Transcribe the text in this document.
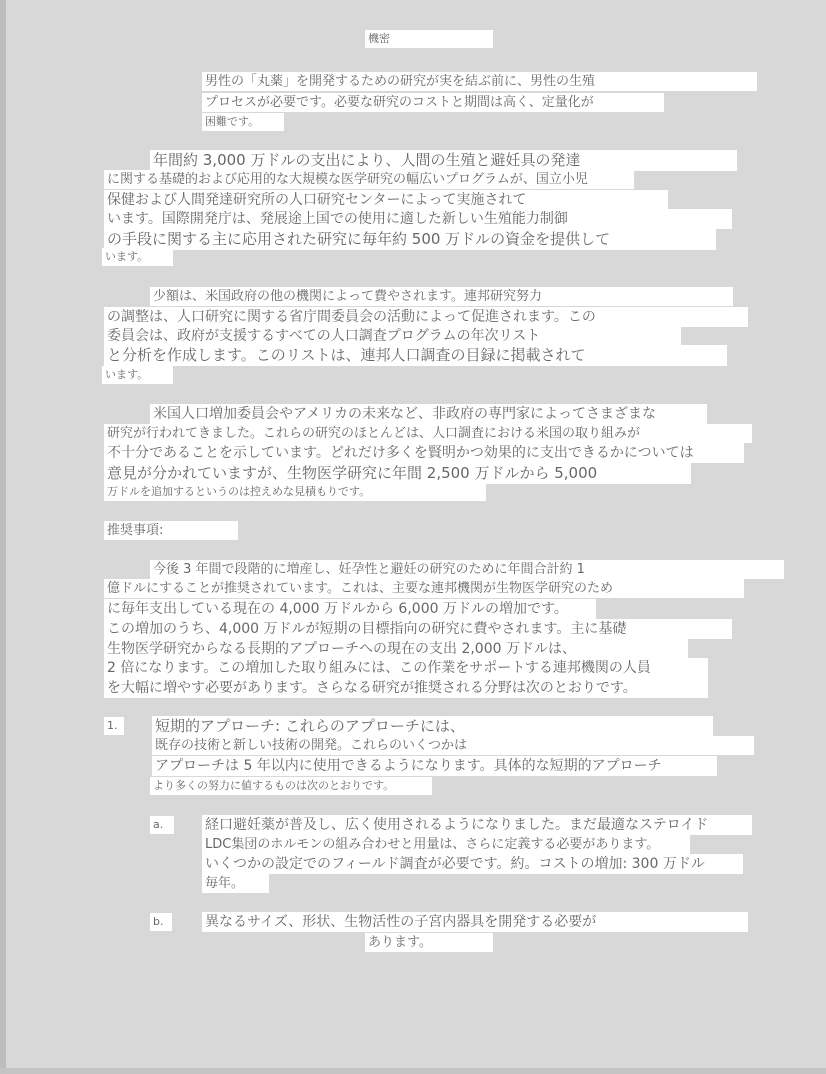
機密
男性の「丸薬」を開発するための研究が実を結ぶ前に、男性の生殖
プロセスが必要です。必要な研究のコストと期間は高く、定量化が
困難です。
年間約 3,000 万ドルの支出により、人間の生殖と避妊具の発達
に関する基礎的および応用的な大規模な医学研究の幅広いプログラムが、国立小児
保健および人間発達研究所の人口研究センターによって実施されて
います。国際開発庁は、発展途上国での使用に適した新しい生殖能力制御
の手段に関する主に応用された研究に毎年約 500 万ドルの資金を提供して
います。
少額は、米国政府の他の機関によって費やされます。連邦研究努力
の調整は、人口研究に関する省庁間委員会の活動によって促進されます。この
委員会は、政府が支援するすべての人口調査プログラムの年次リスト
と分析を作成します。このリストは、連邦人口調査の目録に掲載されて
います。
米国人口増加委員会やアメリカの未来など、非政府の専門家によってさまざまな
研究が行われてきました。これらの研究のほとんどは、人口調査における米国の取り組みが
不十分であることを示しています。どれだけ多くを賢明かつ効果的に支出できるかについては
意見が分かれていますが、生物医学研究に年間 2,500 万ドルから 5,000
万ドルを追加するというのは控えめな見積もりです。
推奨事項:
今後 3 年間で段階的に増産し、妊孕性と避妊の研究のために年間合計約 1
億ドルにすることが推奨されています。これは、主要な連邦機関が生物医学研究のため
に毎年支出している現在の 4,000 万ドルから 6,000 万ドルの増加です。
この増加のうち、4,000 万ドルが短期の目標指向の研究に費やされます。主に基礎
生物医学研究からなる長期的アプローチへの現在の支出 2,000 万ドルは、
2 倍になります。この増加した取り組みには、この作業をサポートする連邦機関の人員
を大幅に増やす必要があります。さらなる研究が推奨される分野は次のとおりです。
1.	短期的アプローチ: これらのアプローチには、
既存の技術と新しい技術の開発。これらのいくつかは
アプローチは 5 年以内に使用できるようになります。具体的な短期的アプローチ
より多くの努力に値するものは次のとおりです。
a.	経口避妊薬が普及し、広く使用されるようになりました。まだ最適なステロイド
LDC集団のホルモンの組み合わせと用量は、さらに定義する必要があります。
いくつかの設定でのフィールド調査が必要です。約。コストの増加: 300 万ドル
毎年。
b.	異なるサイズ、形状、生物活性の子宮内器具を開発する必要が
あります。
